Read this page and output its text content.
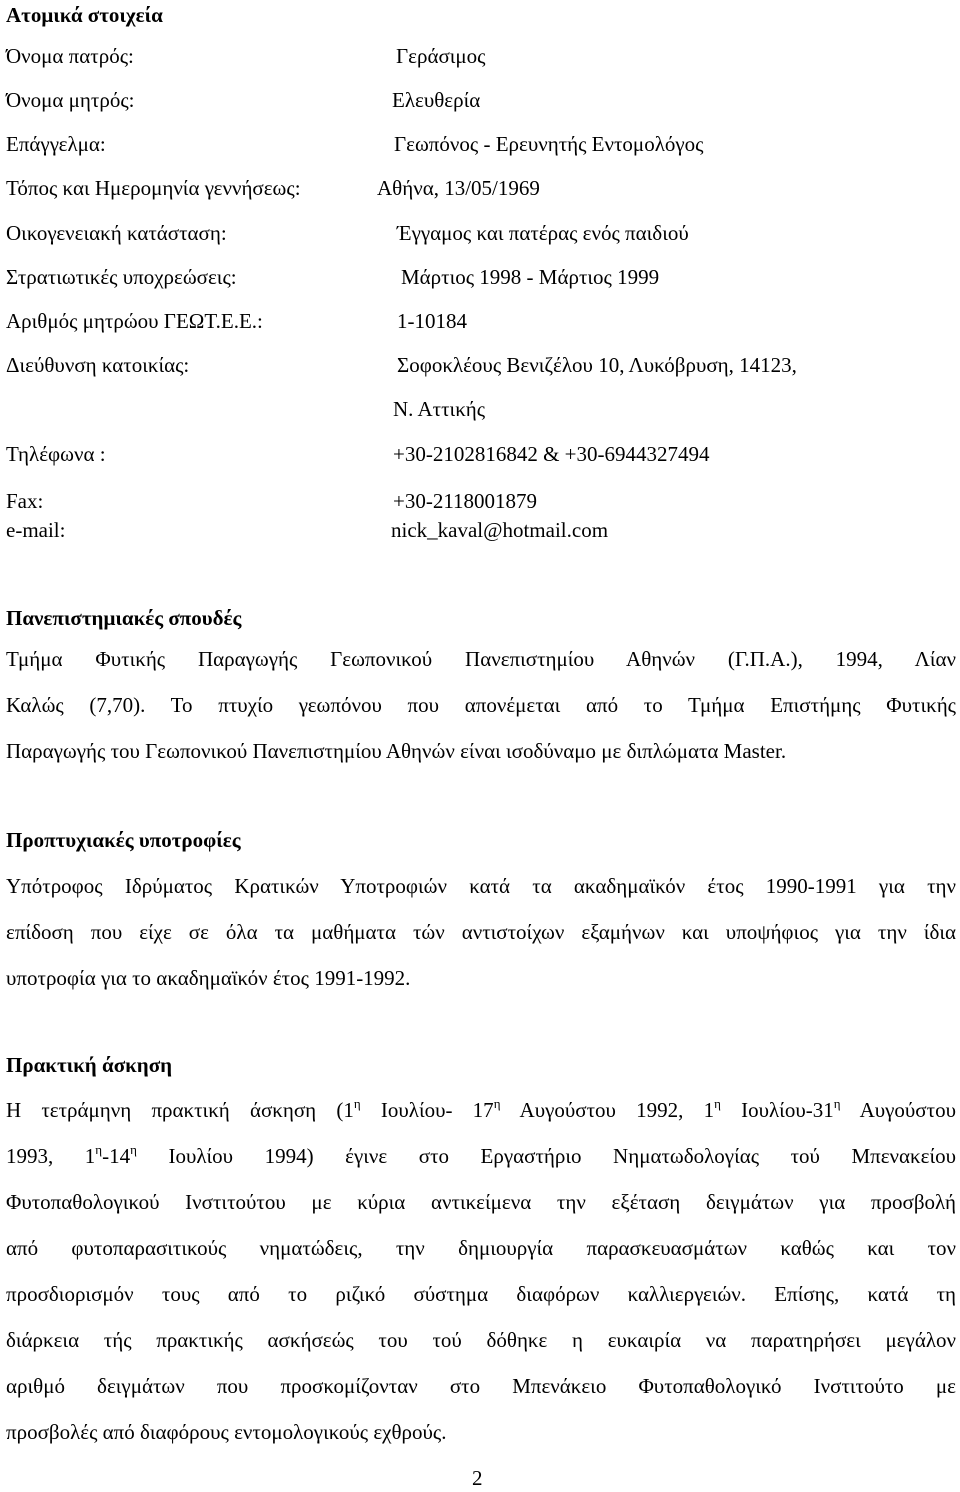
Ατομικά στοιχεία
Όνομα πατρός:	Γεράσιμος
Όνομα μητρός:	Ελευθερία
Επάγγελμα:	Γεωπόνος - Ερευνητής Εντομολόγος
Τόπος και Ημερομηνία γεννήσεως:	Αθήνα, 13/05/1969
Οικογενειακή κατάσταση:	Έγγαμος και πατέρας ενός παιδιού
Στρατιωτικές υποχρεώσεις:	Μάρτιος 1998 - Μάρτιος 1999
Αριθμός μητρώου ΓΕΩΤ.Ε.Ε.:	1-10184
Διεύθυνση κατοικίας:	Σοφοκλέους Βενιζέλου 10, Λυκόβρυση, 14123,
Ν. Αττικής
Τηλέφωνα :	+30-2102816842 & +30-6944327494
Fax:	+30-2118001879
e-mail:	nick_kaval@hotmail.com
Πανεπιστημιακές σπουδές
Τμήμα Φυτικής Παραγωγής Γεωπονικού Πανεπιστημίου Αθηνών (Γ.Π.Α.), 1994, Λίαν
Καλώς (7,70). Το πτυχίο γεωπόνου που απονέμεται από το Τμήμα Επιστήμης Φυτικής
Παραγωγής του Γεωπονικού Πανεπιστημίου Αθηνών είναι ισοδύναμο με διπλώματα Master.
Προπτυχιακές υποτροφίες
Υπότροφος Ιδρύματος Κρατικών Υποτροφιών κατά τα ακαδημαϊκόν έτος 1990-1991 για την
επίδοση που είχε σε όλα τα μαθήματα τών αντιστοίχων εξαμήνων και υποψήφιος για την ίδια
υποτροφία για το ακαδημαϊκόν έτος 1991-1992.
Πρακτική άσκηση
Η τετράμηνη πρακτική άσκηση ($1^\eta$ Ιουλίου- $17^\eta$ Αυγούστου 1992, $1^\eta$ Ιουλίου-$31^\eta$ Αυγούστου
1993, $1^\eta-14^\eta$ Ιουλίου 1994) έγινε στο Εργαστήριο Νηματωδολογίας τού Μπενακείου
Φυτοπαθολογικού Ινστιτούτου με κύρια αντικείμενα την εξέταση δειγμάτων για προσβολή
από φυτοπαρασιτικούς νηματώδεις, την δημιουργία παρασκευασμάτων καθώς και τον
προσδιορισμόν τους από το ριζικό σύστημα διαφόρων καλλιεργειών. Επίσης, κατά τη
διάρκεια τής πρακτικής ασκήσεώς του τού δόθηκε η ευκαιρία να παρατηρήσει μεγάλον
αριθμό δειγμάτων που προσκομίζονταν στο Μπενάκειο Φυτοπαθολογικό Ινστιτούτο με
προσβολές από διαφόρους εντομολογικούς εχθρούς.
2
